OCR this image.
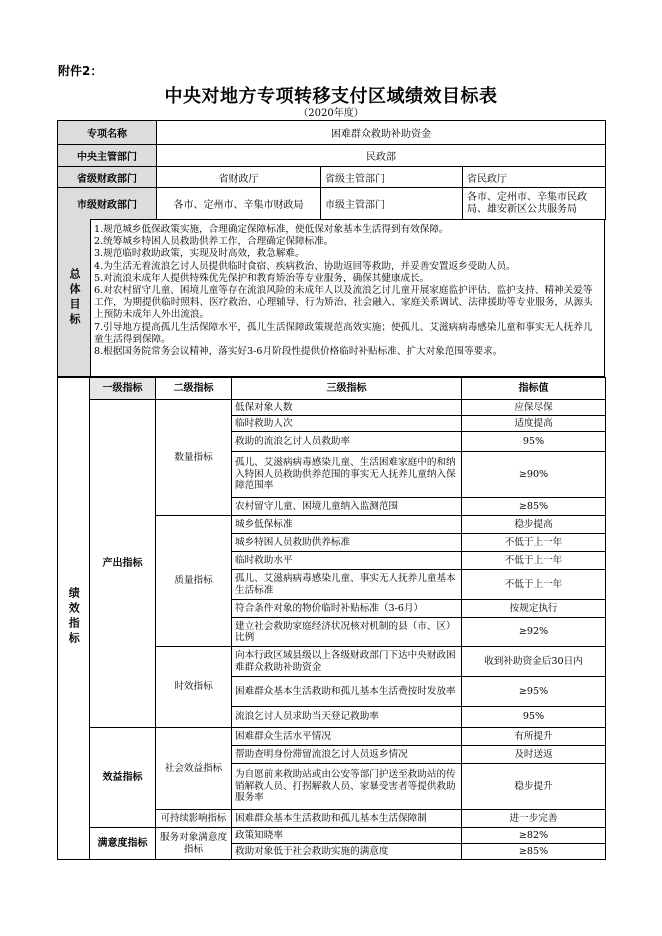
附件2：
中央对地方专项转移支付区域绩效目标表
（2020年度）
专项名称	困难群众救助补助资金		
中央主管部门	民政部		
省级财政部门	省财政厅	省级主管部门	省民政厅
市级财政部门	各市、定州市、辛集市财政局	市级主管部门	各市、定州市、辛集市民政局、雄安新区公共服务局
总体目标
1.规范城乡低保政策实施，合理确定保障标准，使低保对象基本生活得到有效保障。
2.统筹城乡特困人员救助供养工作，合理确定保障标准。
3.规范临时救助政策，实现及时高效，救急解难。
4.为生活无着流浪乞讨人员提供临时食宿、疾病救治、协助返回等救助，并妥善安置返乡受助人员。
5.对流浪未成年人提供特殊优先保护和教育矫治等专业服务，确保其健康成长。
6.对农村留守儿童、困境儿童等存在流浪风险的未成年人以及流浪乞讨儿童开展家庭监护评估、监护支持、精神关爱等工作，为期提供临时照料、医疗救治、心理辅导、行为矫治、社会融入、家庭关系调试、法律援助等专业服务，从源头上预防未成年人外出流浪。
7.引导地方提高孤儿生活保障水平，孤儿生活保障政策规范高效实施；使孤儿、艾滋病病毒感染儿童和事实无人抚养儿童生活得到保障。
8.根据国务院常务会议精神，落实好3-6月阶段性提供价格临时补贴标准、扩大对象范围等要求。
绩效指标	一级指标	二级指标	三级指标	指标值
	产出指标	数量指标	低保对象人数	应保尽保
			临时救助人次	适度提高
			救助的流浪乞讨人员救助率	95%
			孤儿、艾滋病病毒感染儿童、生活困难家庭中的和纳入特困人员救助供养范围的事实无人抚养儿童纳入保障范围率	≥90%
			农村留守儿童、困境儿童纳入监测范围	≥85%
		质量指标	城乡低保标准	稳步提高
			城乡特困人员救助供养标准	不低于上一年
			临时救助水平	不低于上一年
			孤儿、艾滋病病毒感染儿童、事实无人抚养儿童基本生活标准	不低于上一年
			符合条件对象的物价临时补贴标准（3-6月）	按规定执行
			建立社会救助家庭经济状况核对机制的县（市、区）比例	≥92%
		时效指标	向本行政区域县级以上各级财政部门下达中央财政困难群众救助补助资金	收到补助资金后30日内
			困难群众基本生活救助和孤儿基本生活费按时发放率	≥95%
			流浪乞讨人员求助当天登记救助率	95%
	效益指标	社会效益指标	困难群众生活水平情况	有所提升
			帮助查明身份滞留流浪乞讨人员返乡情况	及时送返
			为自愿前来救助站或由公安等部门护送至救助站的传销解救人员、打拐解救人员、家暴受害者等提供救助服务率	稳步提升
		可持续影响指标	困难群众基本生活救助和孤儿基本生活保障制	进一步完善
	满意度指标	服务对象满意度指标	政策知晓率	≥82%
			救助对象低于社会救助实施的满意度	≥85%
